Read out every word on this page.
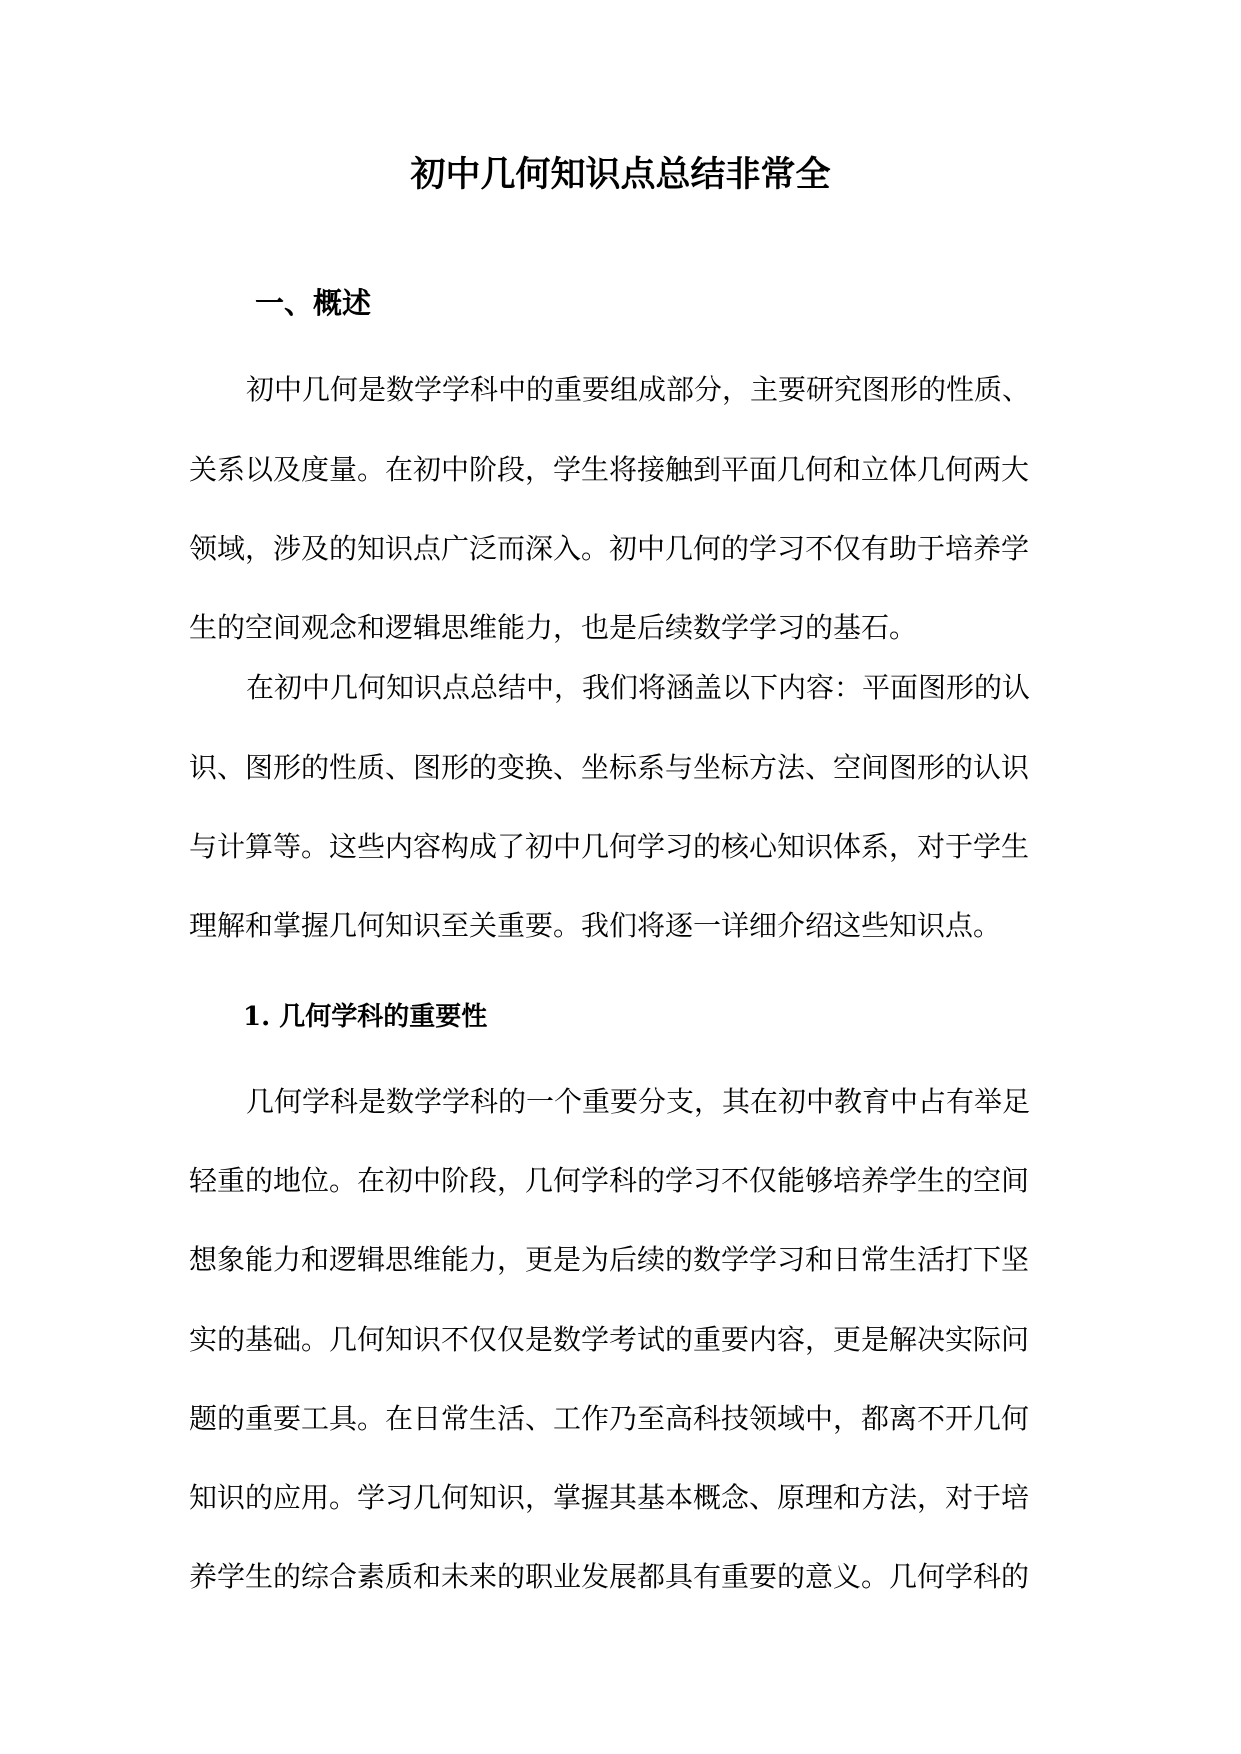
初中几何知识点总结非常全
一、概述

初中几何是数学学科中的重要组成部分，主要研究图形的性质、

关系以及度量。在初中阶段，学生将接触到平面几何和立体几何两大

领域，涉及的知识点广泛而深入。初中几何的学习不仅有助于培养学

生的空间观念和逻辑思维能力，也是后续数学学习的基石。

在初中几何知识点总结中，我们将涵盖以下内容：平面图形的认

识、图形的性质、图形的变换、坐标系与坐标方法、空间图形的认识

与计算等。这些内容构成了初中几何学习的核心知识体系，对于学生

理解和掌握几何知识至关重要。我们将逐一详细介绍这些知识点。

1. 几何学科的重要性

几何学科是数学学科的一个重要分支，其在初中教育中占有举足

轻重的地位。在初中阶段，几何学科的学习不仅能够培养学生的空间

想象能力和逻辑思维能力，更是为后续的数学学习和日常生活打下坚

实的基础。几何知识不仅仅是数学考试的重要内容，更是解决实际问

题的重要工具。在日常生活、工作乃至高科技领域中，都离不开几何

知识的应用。学习几何知识，掌握其基本概念、原理和方法，对于培

养学生的综合素质和未来的职业发展都具有重要的意义。几何学科的
